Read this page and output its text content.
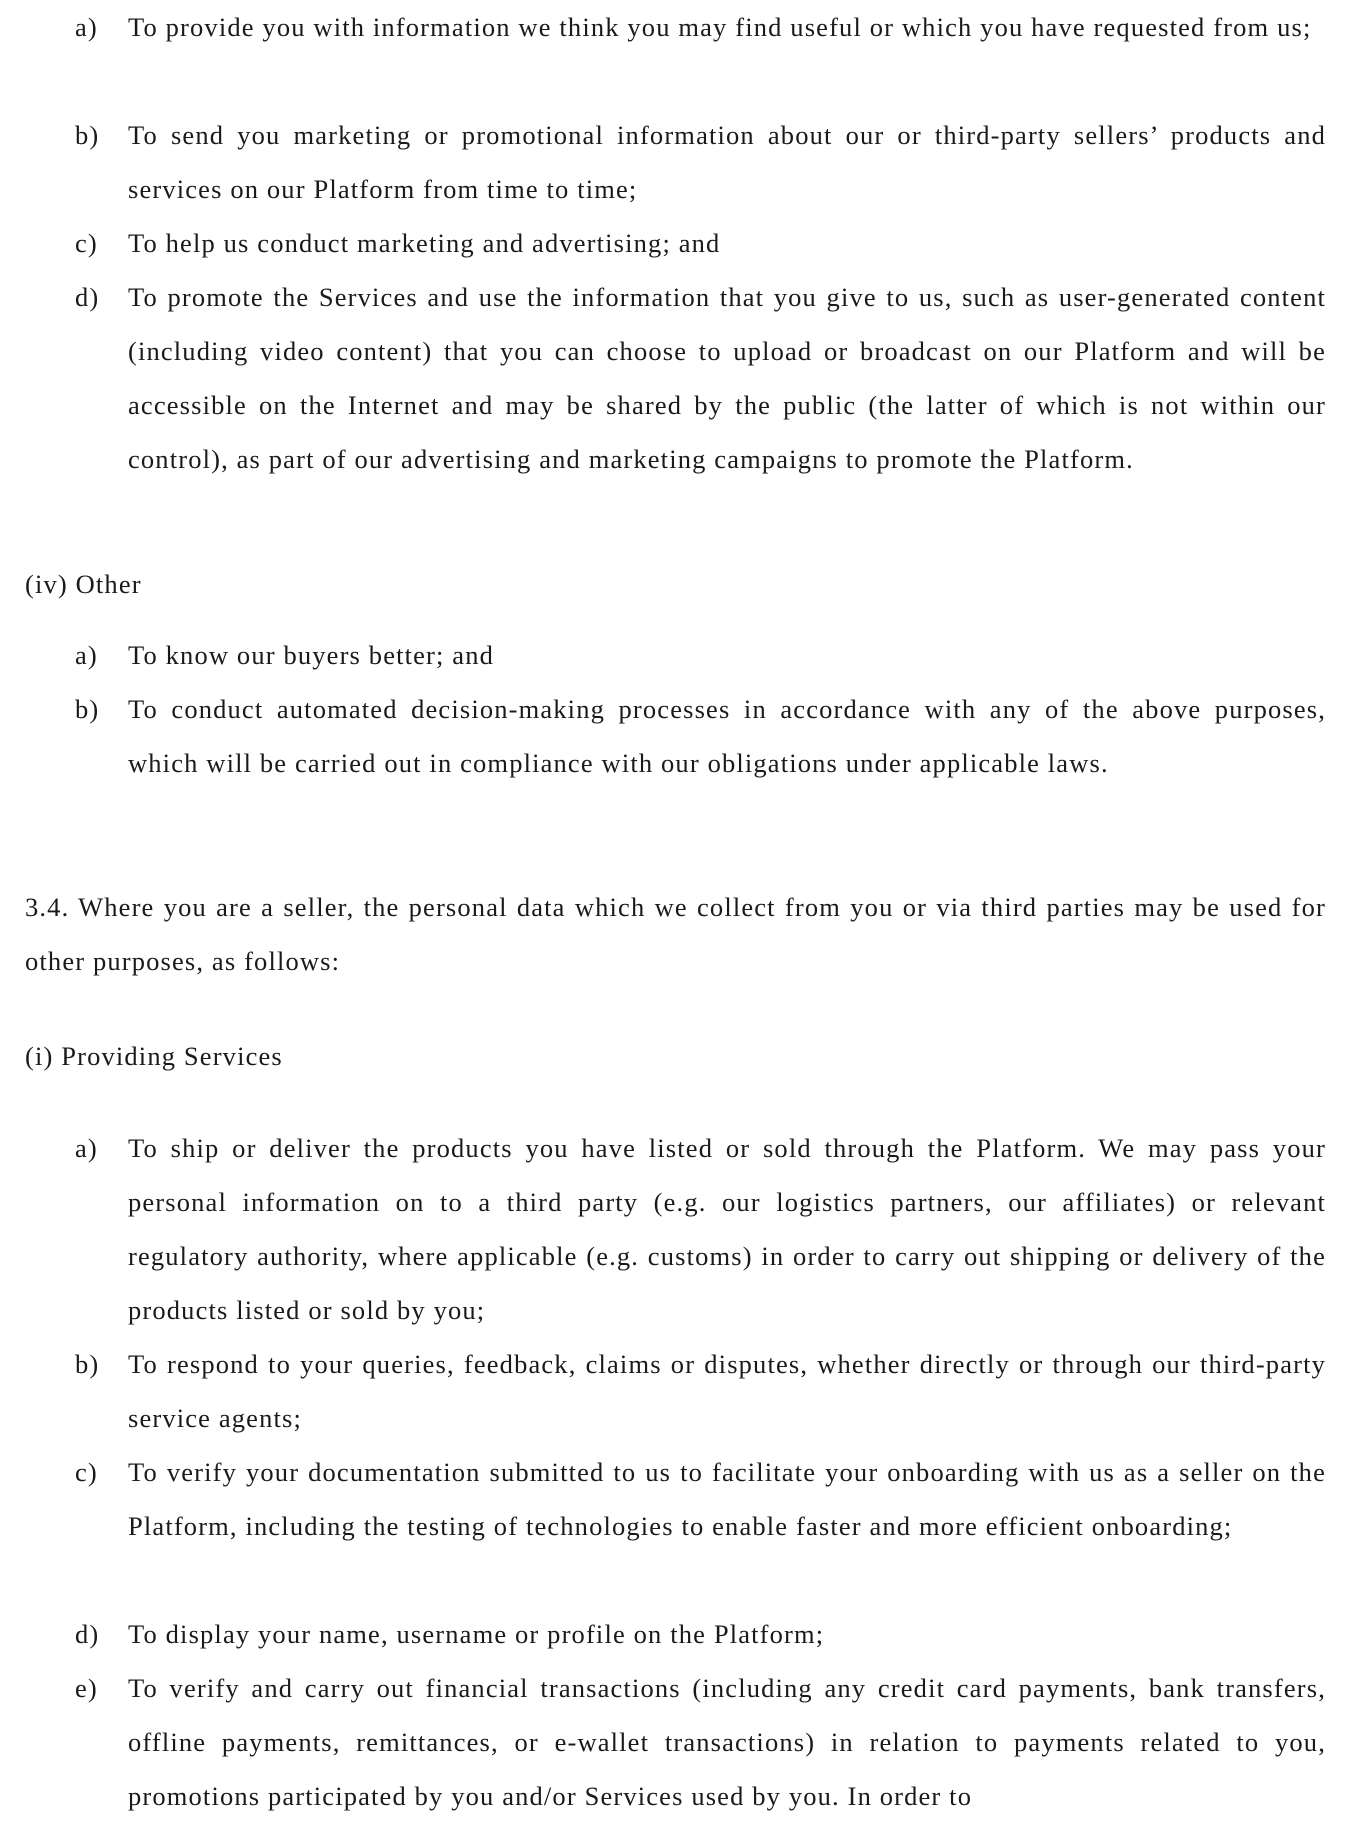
a)	To provide you with information we think you may find useful or which you have requested from us;

b)	To send you marketing or promotional information about our or third-party sellers’ products and services on our Platform from time to time;

c)	To help us conduct marketing and advertising; and

d)	To promote the Services and use the information that you give to us, such as user-generated content (including video content) that you can choose to upload or broadcast on our Platform and will be accessible on the Internet and may be shared by the public (the latter of which is not within our control), as part of our advertising and marketing campaigns to promote the Platform.

(iv) Other

a)	To know our buyers better; and

b)	To conduct automated decision-making processes in accordance with any of the above purposes, which will be carried out in compliance with our obligations under applicable laws.

3.4. Where you are a seller, the personal data which we collect from you or via third parties may be used for other purposes, as follows:

(i) Providing Services

a)	To ship or deliver the products you have listed or sold through the Platform. We may pass your personal information on to a third party (e.g. our logistics partners, our affiliates) or relevant regulatory authority, where applicable (e.g. customs) in order to carry out shipping or delivery of the products listed or sold by you;

b)	To respond to your queries, feedback, claims or disputes, whether directly or through our third-party service agents;

c)	To verify your documentation submitted to us to facilitate your onboarding with us as a seller on the Platform, including the testing of technologies to enable faster and more efficient onboarding;

d)	To display your name, username or profile on the Platform;

e)	To verify and carry out financial transactions (including any credit card payments, bank transfers, offline payments, remittances, or e-wallet transactions) in relation to payments related to you, promotions participated by you and/or Services used by you. In order to
